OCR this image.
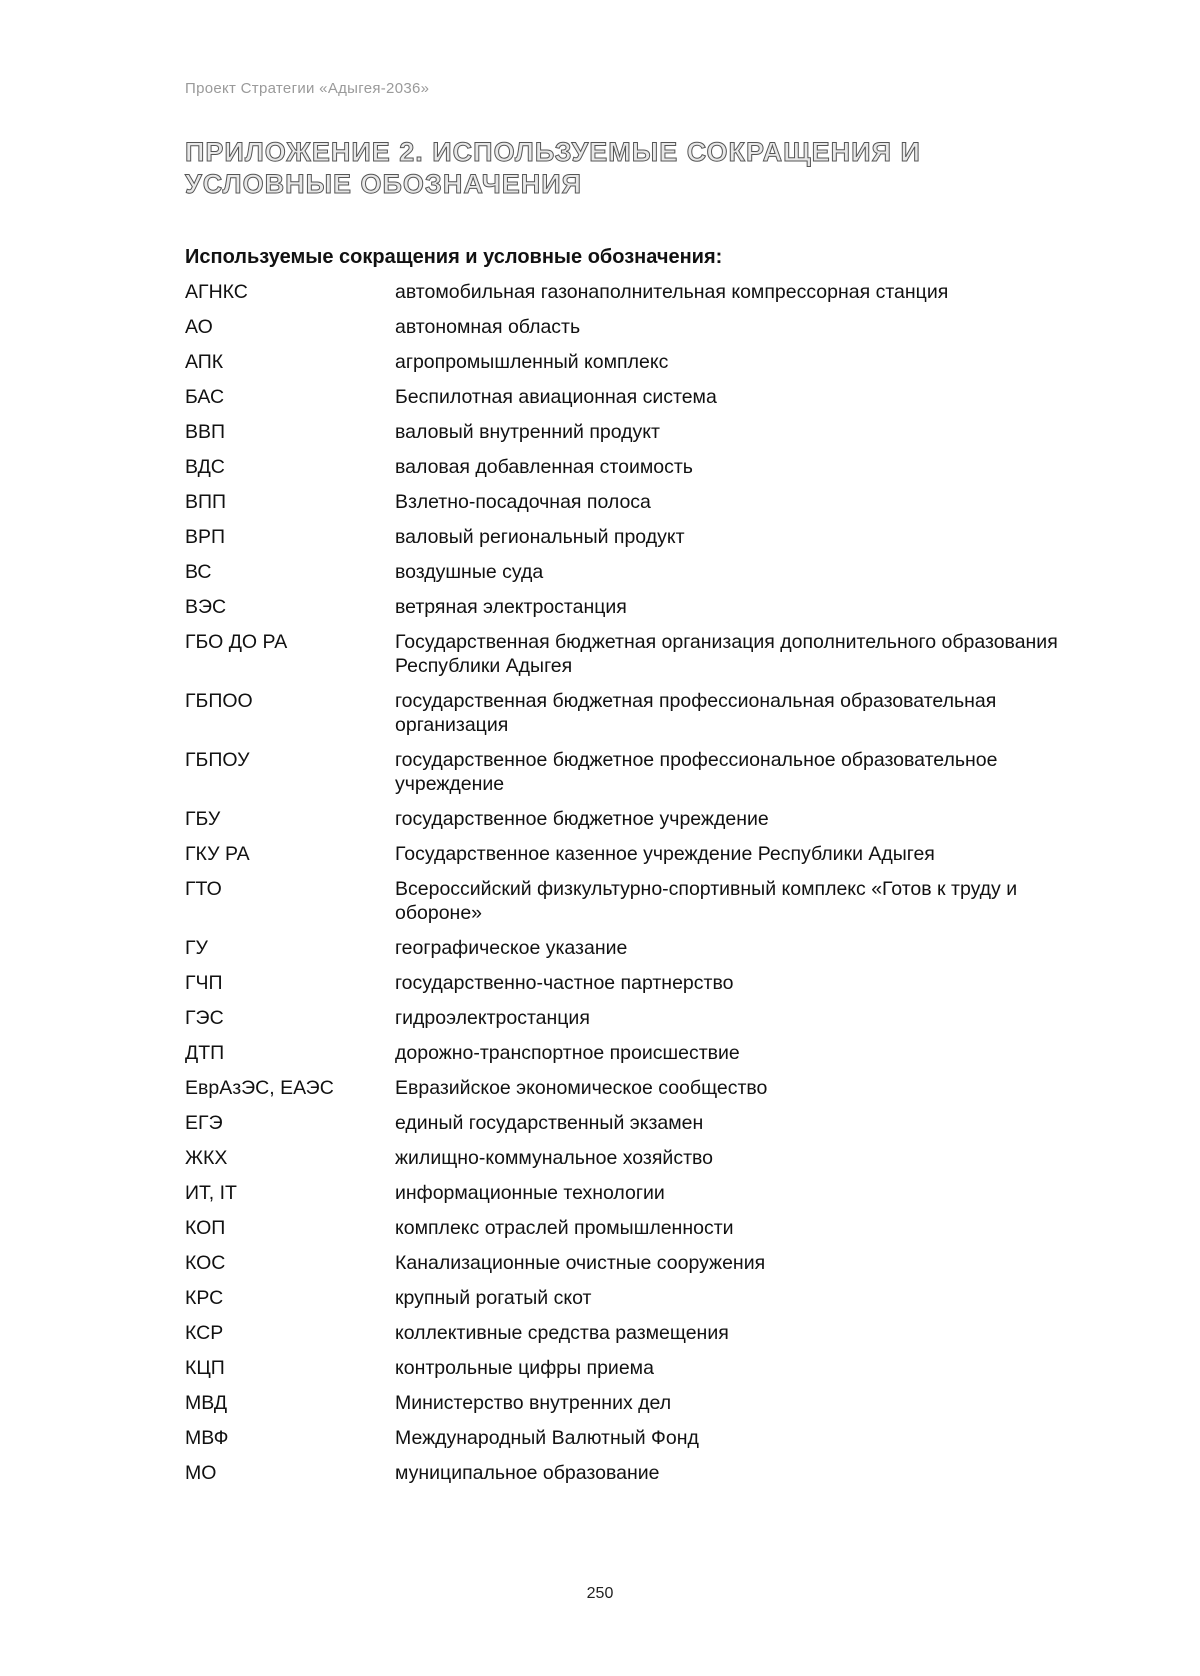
Проект Стратегии «Адыгея-2036»
ПРИЛОЖЕНИЕ 2. ИСПОЛЬЗУЕМЫЕ СОКРАЩЕНИЯ И УСЛОВНЫЕ ОБОЗНАЧЕНИЯ
Используемые сокращения и условные обозначения:
АГНКС	автомобильная газонаполнительная компрессорная станция
АО	автономная область
АПК	агропромышленный комплекс
БАС	Беспилотная авиационная система
ВВП	валовый внутренний продукт
ВДС	валовая добавленная стоимость
ВПП	Взлетно-посадочная полоса
ВРП	валовый региональный продукт
ВС	воздушные суда
ВЭС	ветряная электростанция
ГБО ДО РА	Государственная бюджетная организация дополнительного образования Республики Адыгея
ГБПОО	государственная бюджетная профессиональная образовательная организация
ГБПОУ	государственное бюджетное профессиональное образовательное учреждение
ГБУ	государственное бюджетное учреждение
ГКУ РА	Государственное казенное учреждение Республики Адыгея
ГТО	Всероссийский физкультурно-спортивный комплекс «Готов к труду и обороне»
ГУ	географическое указание
ГЧП	государственно-частное партнерство
ГЭС	гидроэлектростанция
ДТП	дорожно-транспортное происшествие
ЕврАзЭС, ЕАЭС	Евразийское экономическое сообщество
ЕГЭ	единый государственный экзамен
ЖКХ	жилищно-коммунальное хозяйство
ИТ, IT	информационные технологии
КОП	комплекс отраслей промышленности
КОС	Канализационные очистные сооружения
КРС	крупный рогатый скот
КСР	коллективные средства размещения
КЦП	контрольные цифры приема
МВД	Министерство внутренних дел
МВФ	Международный Валютный Фонд
МО	муниципальное образование
250
